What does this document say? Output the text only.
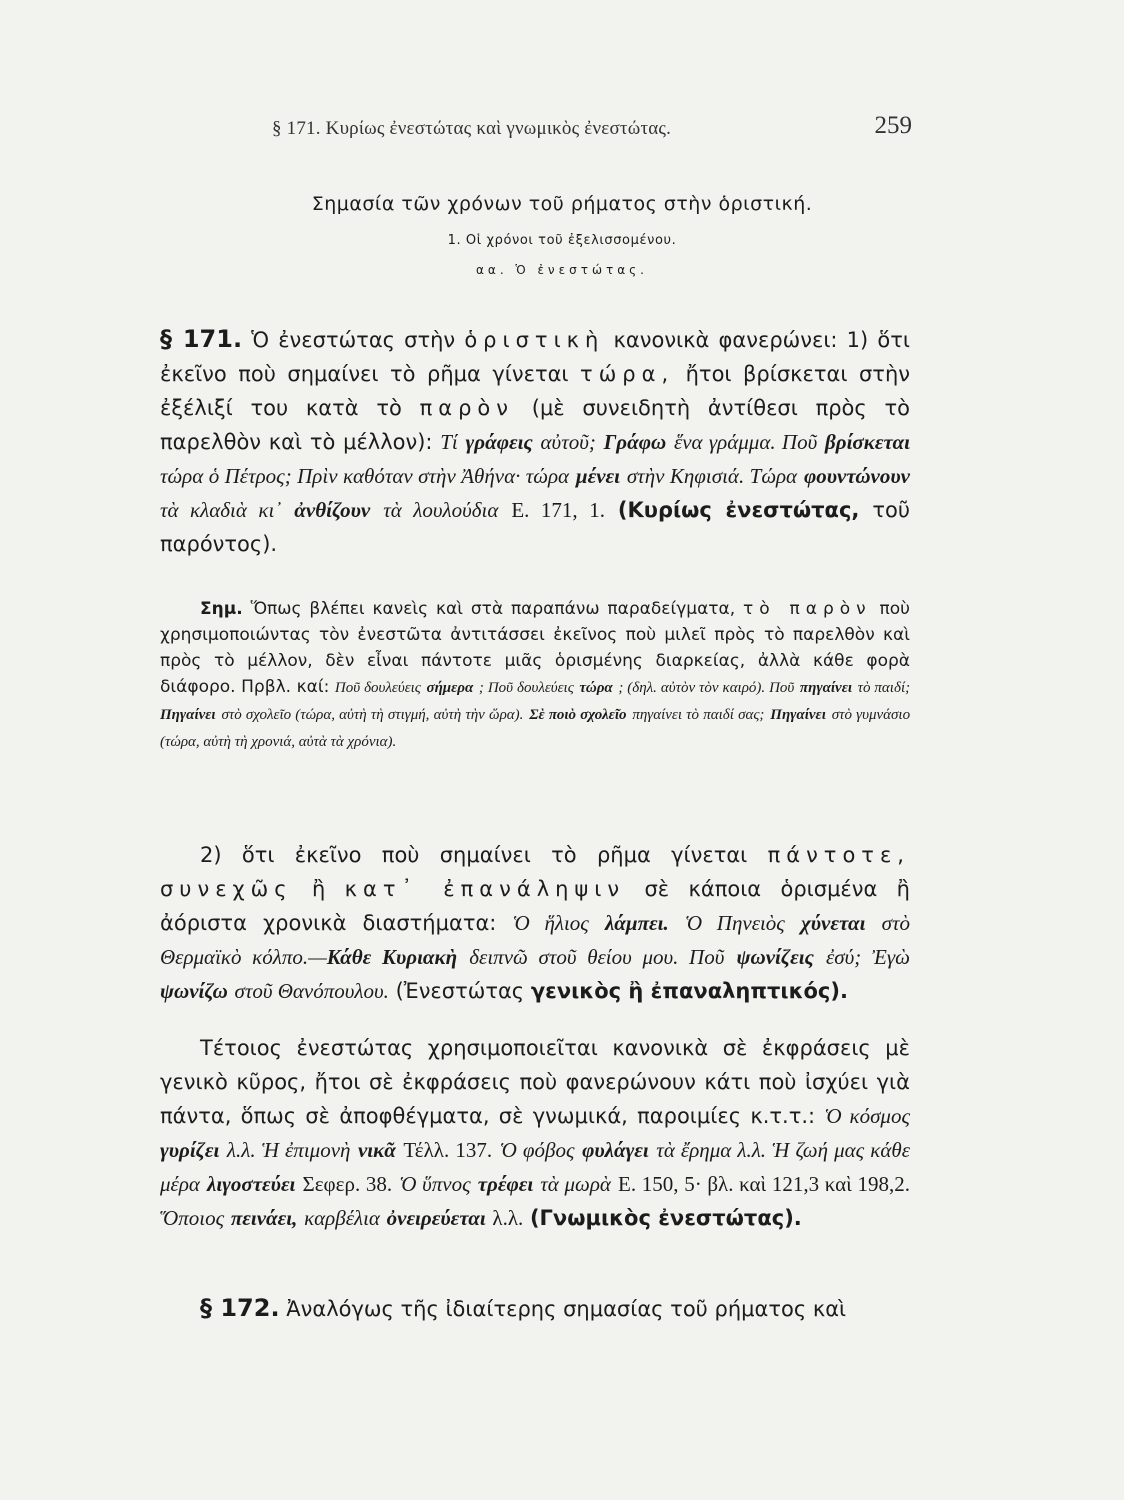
§ 171. Κυρίως ἐνεστώτας καὶ γνωμικὸς ἐνεστώτας.	259
Σημασία τῶν χρόνων τοῦ ρήματος στὴν ὁριστική.
1. Οἱ χρόνοι τοῦ ἐξελισσομένου.
αα. Ὁ ἐνεστώτας.
§ 171. Ὁ ἐνεστώτας στὴν ὁριστικὴ κανονικὰ φανερώνει: 1) ὅτι ἐκεῖνο ποὺ σημαίνει τὸ ρῆμα γίνεται τώρα, ἤτοι βρίσκεται στὴν ἐξέλιξί του κατὰ τὸ παρὸν (μὲ συνειδητὴ ἀντίθεσι πρὸς τὸ παρελθὸν καὶ τὸ μέλλον): Τί γράφεις αὐτοῦ; Γράφω ἕνα γράμμα. Ποῦ βρίσκεται τώρα ὁ Πέτρος; Πρὶν καθόταν στὴν Ἀθήνα· τώρα μένει στὴν Κηφισιά. Τώρα φουντώνουν τὰ κλαδιὰ κι᾽ ἀνθίζουν τὰ λουλούδια Ε. 171, 1. (Κυρίως ἐνεστώτας, τοῦ παρόντος).
Σημ. Ὅπως βλέπει κανεὶς καὶ στὰ παραπάνω παραδείγματα, τὸ παρὸν ποὺ χρησιμοποιώντας τὸν ἐνεστῶτα ἀντιτάσσει ἐκεῖνος ποὺ μιλεῖ πρὸς τὸ παρελθὸν καὶ πρὸς τὸ μέλλον, δὲν εἶναι πάντοτε μιᾶς ὁρισμένης διαρκείας, ἀλλὰ κάθε φορὰ διάφορο. Πρβλ. καί: Ποῦ δουλεύεις σήμερα ; Ποῦ δουλεύεις τώρα ; (δηλ. αὐτὸν τὸν καιρό). Ποῦ πηγαίνει τὸ παιδί; Πηγαίνει στὸ σχολεῖο (τώρα, αὐτὴ τὴ στιγμή, αὐτὴ τὴν ὥρα). Σὲ ποιὸ σχολεῖο πηγαίνει τὸ παιδί σας; Πηγαίνει στὸ γυμνάσιο (τώρα, αὐτὴ τὴ χρονιά, αὐτὰ τὰ χρόνια).
2) ὅτι ἐκεῖνο ποὺ σημαίνει τὸ ρῆμα γίνεται πάντοτε, συνεχῶς ἢ κατ᾽ ἐπανάληψιν σὲ κάποια ὁρισμένα ἢ ἀόριστα χρονικὰ διαστήματα: Ὁ ἥλιος λάμπει. Ὁ Πηνειὸς χύνεται στὸ Θερμαϊκὸ κόλπο.—Κάθε Κυριακὴ δειπνῶ στοῦ θείου μου. Ποῦ ψωνίζεις ἐσύ; Ἐγὼ ψωνίζω στοῦ Θανόπουλου. (Ἐνεστώτας γενικὸς ἢ ἐπαναληπτικός).
Τέτοιος ἐνεστώτας χρησιμοποιεῖται κανονικὰ σὲ ἐκφράσεις μὲ γενικὸ κῦρος, ἤτοι σὲ ἐκφράσεις ποὺ φανερώνουν κάτι ποὺ ἰσχύει γιὰ πάντα, ὅπως σὲ ἀποφθέγματα, σὲ γνωμικά, παροιμίες κ.τ.τ.: Ὁ κόσμος γυρίζει λ.λ. Ἡ ἐπιμονὴ νικᾶ Τέλλ. 137. Ὁ φόβος φυλάγει τὰ ἔρημα λ.λ. Ἡ ζωή μας κάθε μέρα λιγοστεύει Σεφερ. 38. Ὁ ὕπνος τρέφει τὰ μωρὰ Ε. 150, 5· βλ. καὶ 121,3 καὶ 198,2. Ὅποιος πεινάει, καρβέλια ὀνειρεύεται λ.λ. (Γνωμικὸς ἐνεστώτας).
§ 172. Ἀναλόγως τῆς ἰδιαίτερης σημασίας τοῦ ρήματος καὶ
